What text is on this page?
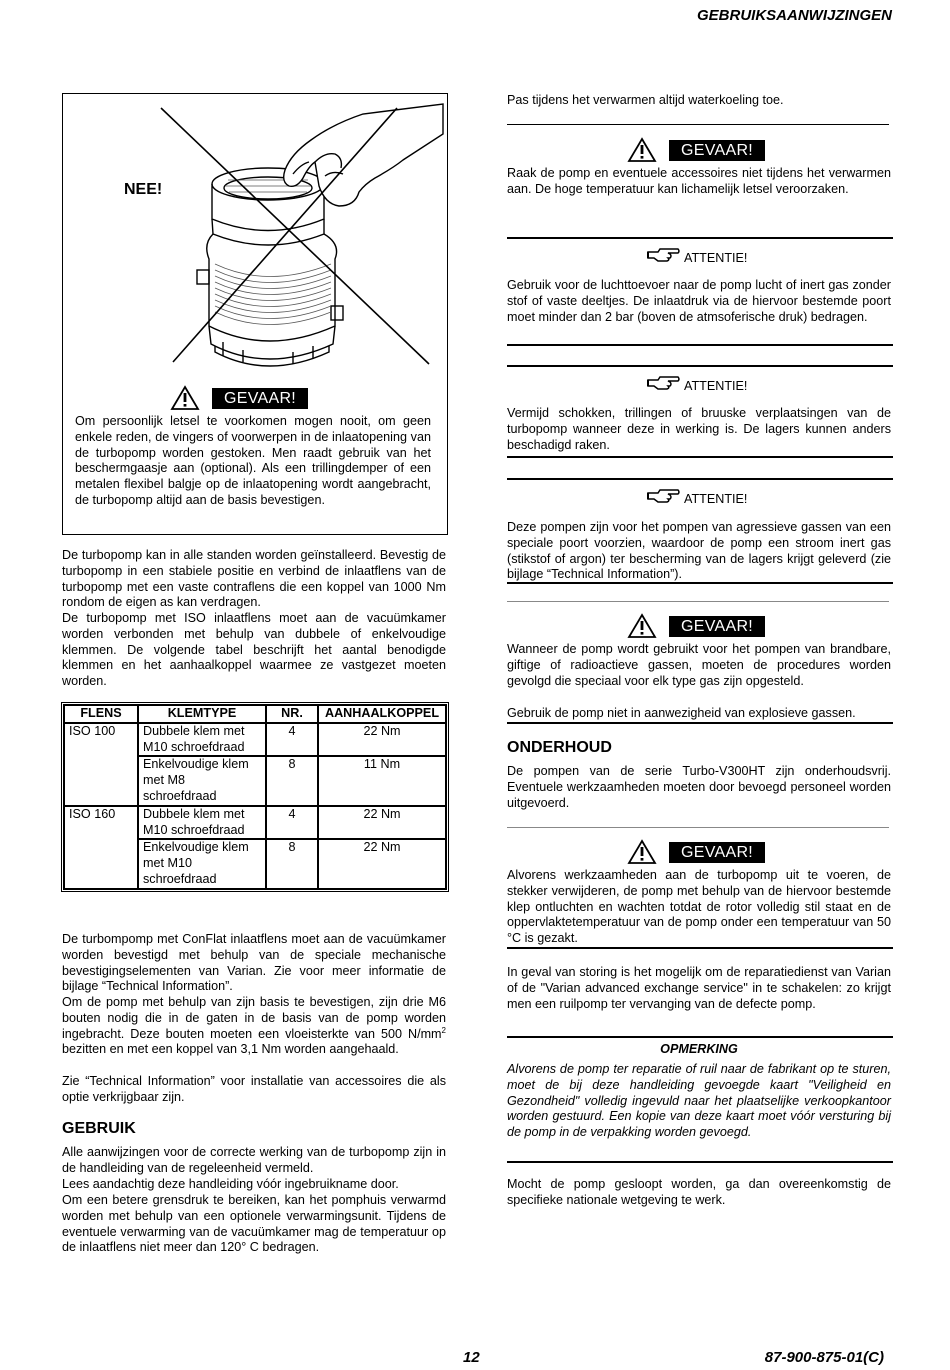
GEBRUIKSAANWIJZINGEN
NEE!
GEVAAR!

Om persoonlijk letsel te voorkomen mogen nooit, om geen enkele reden, de vingers of voorwerpen in de inlaatopening van de turbopomp worden gestoken. Men raadt gebruik van het beschermgaasje aan (optional). Als een trillingdemper of een metalen flexibel balgje op de inlaatopening wordt aangebracht, de turbopomp altijd aan de basis bevestigen.

De turbopomp kan in alle standen worden geïnstalleerd. Bevestig de turbopomp in een stabiele positie en verbind de inlaatflens van de turbopomp met een vaste contraflens die een koppel van 1000 Nm rondom de eigen as kan verdragen.

De turbopomp met ISO inlaatflens moet aan de vacuümkamer worden verbonden met behulp van dubbele of enkelvoudige klemmen. De volgende tabel beschrijft het aantal benodigde klemmen en het aanhaalkoppel waarmee ze vastgezet moeten worden.

FLENS	KLEMTYPE	NR.	AANHAALKOPPEL
ISO 100	Dubbele klem met M10 schroefdraad	4	22 Nm
	Enkelvoudige klem met M8 schroefdraad	8	11 Nm
ISO 160	Dubbele klem met M10 schroefdraad	4	22 Nm
	Enkelvoudige klem met M10 schroefdraad	8	22 Nm

De turbompomp met ConFlat inlaatflens moet aan de vacuümkamer worden bevestigd met behulp van de speciale mechanische bevestigingselementen van Varian. Zie voor meer informatie de bijlage “Technical Information”.

Om de pomp met behulp van zijn basis te bevestigen, zijn drie M6 bouten nodig die in de gaten in de basis van de pomp worden ingebracht. Deze bouten moeten een vloeisterkte van 500 $N/mm^2$ bezitten en met een koppel van 3,1 Nm worden aangehaald.

Zie “Technical Information” voor installatie van accessoires die als optie verkrijgbaar zijn.

GEBRUIK

Alle aanwijzingen voor de correcte werking van de turbopomp zijn in de handleiding van de regeleenheid vermeld.

Lees aandachtig deze handleiding vóór ingebruikname door.

Om een betere grensdruk te bereiken, kan het pomphuis verwarmd worden met behulp van een optionele verwarmingsunit. Tijdens de eventuele verwarming van de vacuümkamer mag de temperatuur op de inlaatflens niet meer dan 120° C bedragen.

Pas tijdens het verwarmen altijd waterkoeling toe.

GEVAAR!

Raak de pomp en eventuele accessoires niet tijdens het verwarmen aan. De hoge temperatuur kan lichamelijk letsel veroorzaken.

ATTENTIE!

Gebruik voor de luchttoevoer naar de pomp lucht of inert gas zonder stof of vaste deeltjes. De inlaatdruk via de hiervoor bestemde poort moet minder dan 2 bar (boven de atmsoferische druk) bedragen.

ATTENTIE!

Vermijd schokken, trillingen of bruuske verplaatsingen van de turbopomp wanneer deze in werking is. De lagers kunnen anders beschadigd raken.

ATTENTIE!

Deze pompen zijn voor het pompen van agressieve gassen van een speciale poort voorzien, waardoor de pomp een stroom inert gas (stikstof of argon) ter bescherming van de lagers krijgt geleverd (zie bijlage “Technical Information”).

GEVAAR!

Wanneer de pomp wordt gebruikt voor het pompen van brandbare, giftige of radioactieve gassen, moeten de procedures worden gevolgd die speciaal voor elk type gas zijn opgesteld.

Gebruik de pomp niet in aanwezigheid van explosieve gassen.

ONDERHOUD

De pompen van de serie Turbo-V300HT zijn onderhoudsvrij. Eventuele werkzaamheden moeten door bevoegd personeel worden uitgevoerd.

GEVAAR!

Alvorens werkzaamheden aan de turbopomp uit te voeren, de stekker verwijderen, de pomp met behulp van de hiervoor bestemde klep ontluchten en wachten totdat de rotor volledig stil staat en de oppervlaktetemperatuur van de pomp onder een temperatuur van 50 °C is gezakt.

In geval van storing is het mogelijk om de reparatiedienst van Varian of de "Varian advanced exchange service" in te schakelen: zo krijgt men een ruilpomp ter vervanging van de defecte pomp.

OPMERKING

Alvorens de pomp ter reparatie of ruil naar de fabrikant op te sturen, moet de bij deze handleiding gevoegde kaart "Veiligheid en Gezondheid" volledig ingevuld naar het plaatselijke verkoopkantoor worden gestuurd. Een kopie van deze kaart moet vóór versturing bij de pomp in de verpakking worden gevoegd.

Mocht de pomp gesloopt worden, ga dan overeenkomstig de specifieke nationale wetgeving te werk.

12	87-900-875-01(C)
